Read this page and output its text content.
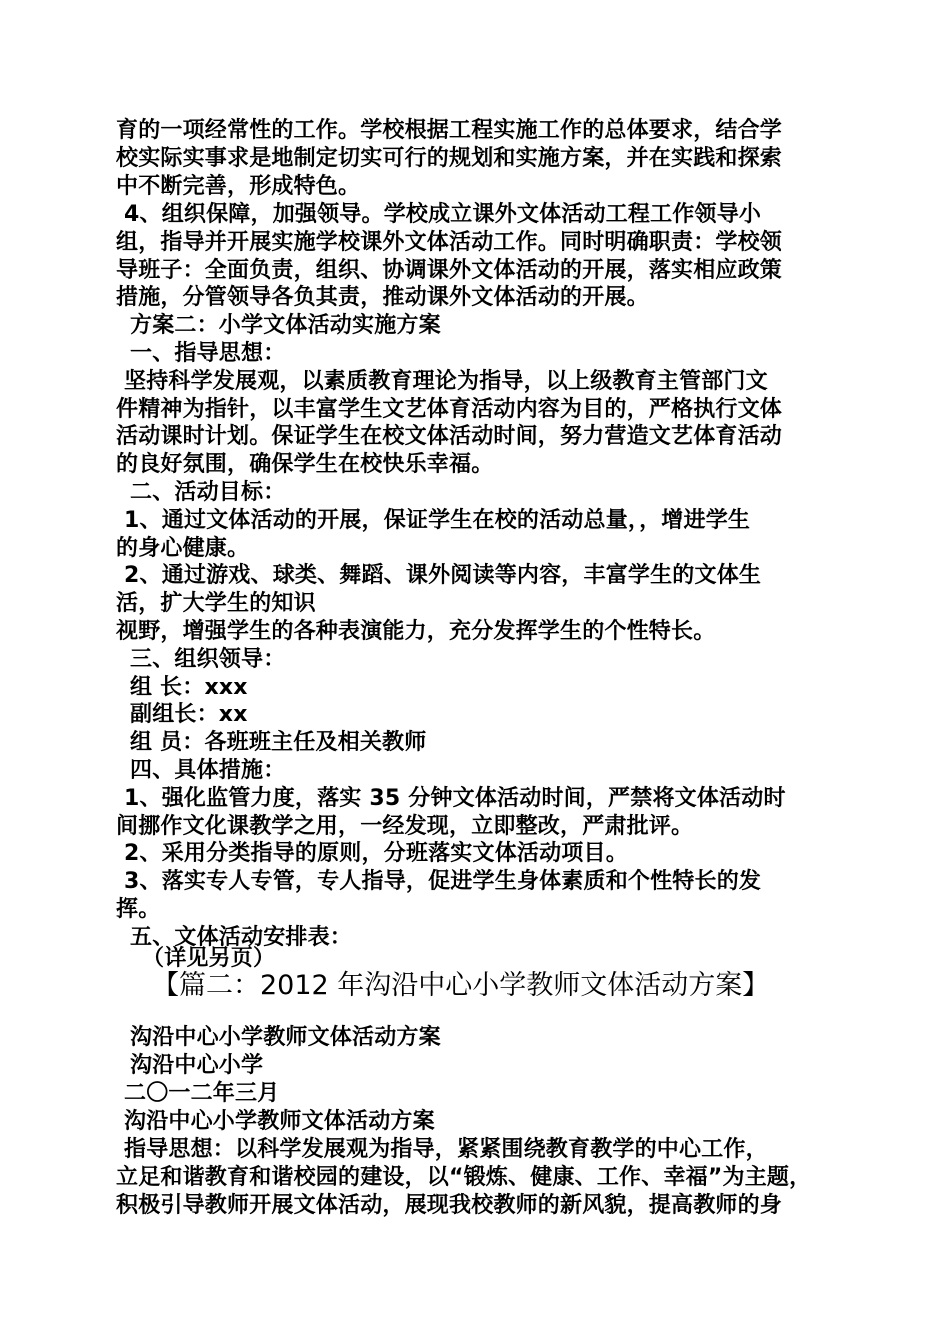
育的一项经常性的工作。学校根据工程实施工作的总体要求，结合学
校实际实事求是地制定切实可行的规划和实施方案，并在实践和探索
中不断完善，形成特色。
4、组织保障，加强领导。学校成立课外文体活动工程工作领导小
组，指导并开展实施学校课外文体活动工作。同时明确职责：学校领
导班子：全面负责，组织、协调课外文体活动的开展，落实相应政策
措施，分管领导各负其责，推动课外文体活动的开展。
方案二：小学文体活动实施方案
一、指导思想：
坚持科学发展观，以素质教育理论为指导，以上级教育主管部门文
件精神为指针，以丰富学生文艺体育活动内容为目的，严格执行文体
活动课时计划。保证学生在校文体活动时间，努力营造文艺体育活动
的良好氛围，确保学生在校快乐幸福。
二、活动目标：
1、通过文体活动的开展，保证学生在校的活动总量，，增进学生
的身心健康。
2、通过游戏、球类、舞蹈、课外阅读等内容，丰富学生的文体生
活，扩大学生的知识
视野，增强学生的各种表演能力，充分发挥学生的个性特长。
三、组织领导：
组 长：xxx
副组长：xx
组 员：各班班主任及相关教师
四、具体措施：
1、强化监管力度，落实 35 分钟文体活动时间，严禁将文体活动时
间挪作文化课教学之用，一经发现，立即整改，严肃批评。
2、采用分类指导的原则，分班落实文体活动项目。
3、落实专人专管，专人指导，促进学生身体素质和个性特长的发
挥。
五、文体活动安排表：
（详见另页）
【篇二：2012 年沟沿中心小学教师文体活动方案】
沟沿中心小学教师文体活动方案
沟沿中心小学
二〇一二年三月
沟沿中心小学教师文体活动方案
指导思想：以科学发展观为指导，紧紧围绕教育教学的中心工作，
立足和谐教育和谐校园的建设，以“锻炼、健康、工作、幸福”为主题，
积极引导教师开展文体活动，展现我校教师的新风貌，提高教师的身
